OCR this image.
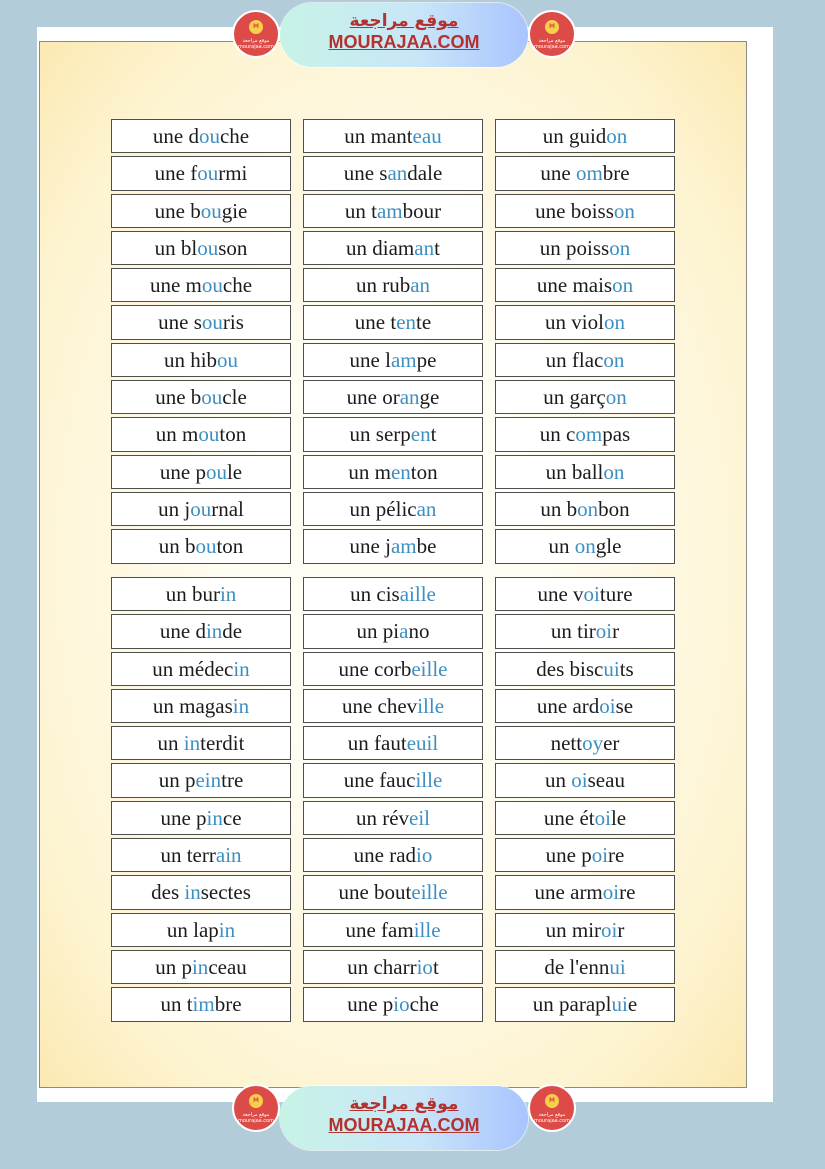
M
موقع مراجعة mourajaa.com
موقع مراجعة
MOURAJAA.COM
M
موقع مراجعة mourajaa.com
une douche
une fourmi
une bougie
un blouson
une mouche
une souris
un hibou
une boucle
un mouton
une poule
un journal
un bouton
un manteau
une sandale
un tambour
un diamant
un ruban
une tente
une lampe
une orange
un serpent
un menton
un pélican
une jambe
un guidon
une ombre
une boisson
un poisson
une maison
un violon
un flacon
un garçon
un compas
un ballon
un bonbon
un ongle
un burin
une dinde
un médecin
un magasin
un interdit
un peintre
une pince
un terrain
des insectes
un lapin
un pinceau
un timbre
un cisaille
un piano
une corbeille
une cheville
un fauteuil
une faucille
un réveil
une radio
une bouteille
une famille
un charriot
une pioche
une voiture
un tiroir
des biscuits
une ardoise
nettoyer
un oiseau
une étoile
une poire
une armoire
un miroir
de l'ennui
un parapluie
M
موقع مراجعة mourajaa.com
موقع مراجعة
MOURAJAA.COM
M
موقع مراجعة mourajaa.com
